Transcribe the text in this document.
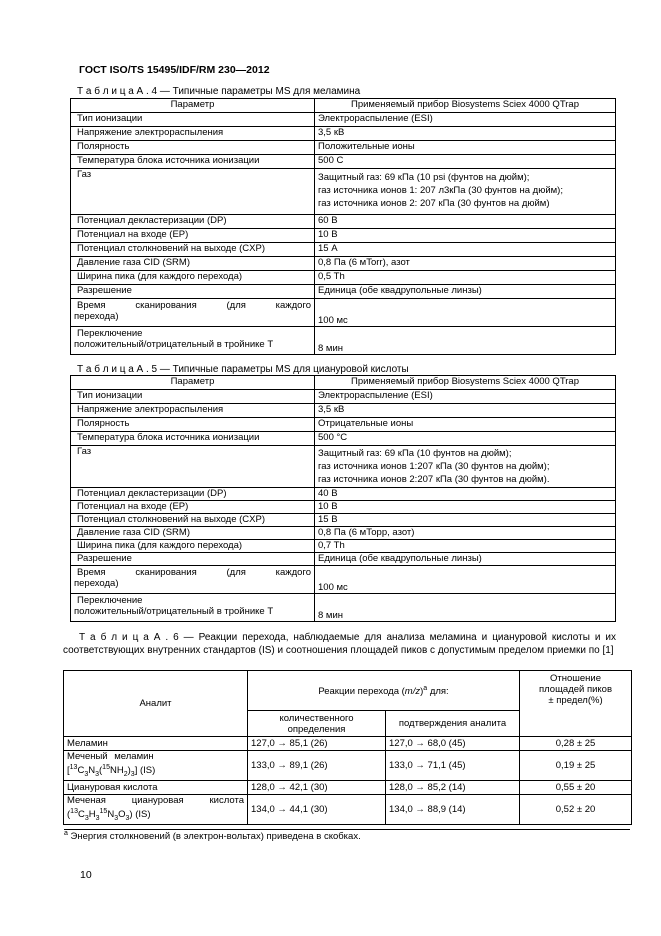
ГОСТ ISO/TS 15495/IDF/RM 230—2012
Т а б л и ц а А . 4 — Типичные параметры MS для меламина
Параметр	Применяемый прибор Biosystems Sciex 4000 QTrap
Тип ионизации	Электрораспыление (ESI)
Напряжение электрораспыления	3,5 кВ
Полярность	Положительные ионы
Температура блока источника ионизации	500 С
Газ	Защитный газ: 69 кПа (10 psi (фунтов на дюйм);
газ источника ионов 1: 207 л3кПа (30 фунтов на дюйм);
газ источника ионов 2: 207 кПа (30 фунтов на дюйм)

Потенциал декластеризации (DP)	60 В
Потенциал на входе (EP)	10 В
Потенциал столкновений на выходе (CXP)	15 А
Давление газа CID (SRM)	0,8 Па (6 мTorr), азот
Ширина пика (для каждого перехода)	0,5 Th
Разрешение	Единица (обе квадрупольные линзы)

Время сканирования (для каждого
перехода)	100 мс

Переключение
положительный/отрицательный в тройнике Т	8 мин
Т а б л и ц а А . 5 — Типичные параметры MS для циануровой кислоты
Параметр	Применяемый прибор Biosystems Sciex 4000 QTrap
Тип ионизации	Электрораспыление (ESI)
Напряжение электрораспыления	3,5 кВ
Полярность	Отрицательные ионы
Температура блока источника ионизации	500 °С
Газ	Защитный газ: 69 кПа (10 фунтов на дюйм);
газ источника ионов 1:207 кПа (30 фунтов на дюйм);
газ источника ионов 2:207 кПа (30 фунтов на дюйм).

Потенциал декластеризации (DP)	40 В
Потенциал на входе (EP)	10 В
Потенциал столкновений на выходе (CXP)	15 В
Давление газа CID (SRM)	0,8 Па (6 мТорр, азот)
Ширина пика (для каждого перехода)	0,7 Th
Разрешение	Единица (обе квадрупольные линзы)

Время сканирования (для каждого
перехода)	100 мс

Переключение
положительный/отрицательный в тройнике Т	8 мин
Т а б л и ц а А . 6 — Реакции перехода, наблюдаемые для анализа меламина и циануровой кислоты и их соответствующих внутренних стандартов (IS) и соотношения площадей пиков с допустимым пределом приемки по [1]
Аналит	Реакции перехода $(m/z)^a$ для:		Отношение
площадей пиков
± предел(%)

	количественного
определения	подтверждения аналита	
Меламин	127,0 → 85,1 (26)	127,0 → 68,0 (45)	0,28 ± 25

Меченый меламин
$[^{13}C_3N_3(^{15}NH_2)_3]$ (IS)	133,0 → 89,1 (26)	133,0 → 71,1 (45)	0,19 ± 25
Циануровая кислота	128,0 → 42,1 (30)	128,0 → 85,2 (14)	0,55 ± 20

Меченая циануровая кислота
$(^{13}C_3H_3^{15}N_3O_3)$ (IS)	134,0 → 44,1 (30)	134,0 → 88,9 (14)	0,52 ± 20
$^a$ Энергия столкновений (в электрон-вольтах) приведена в скобках.
10
